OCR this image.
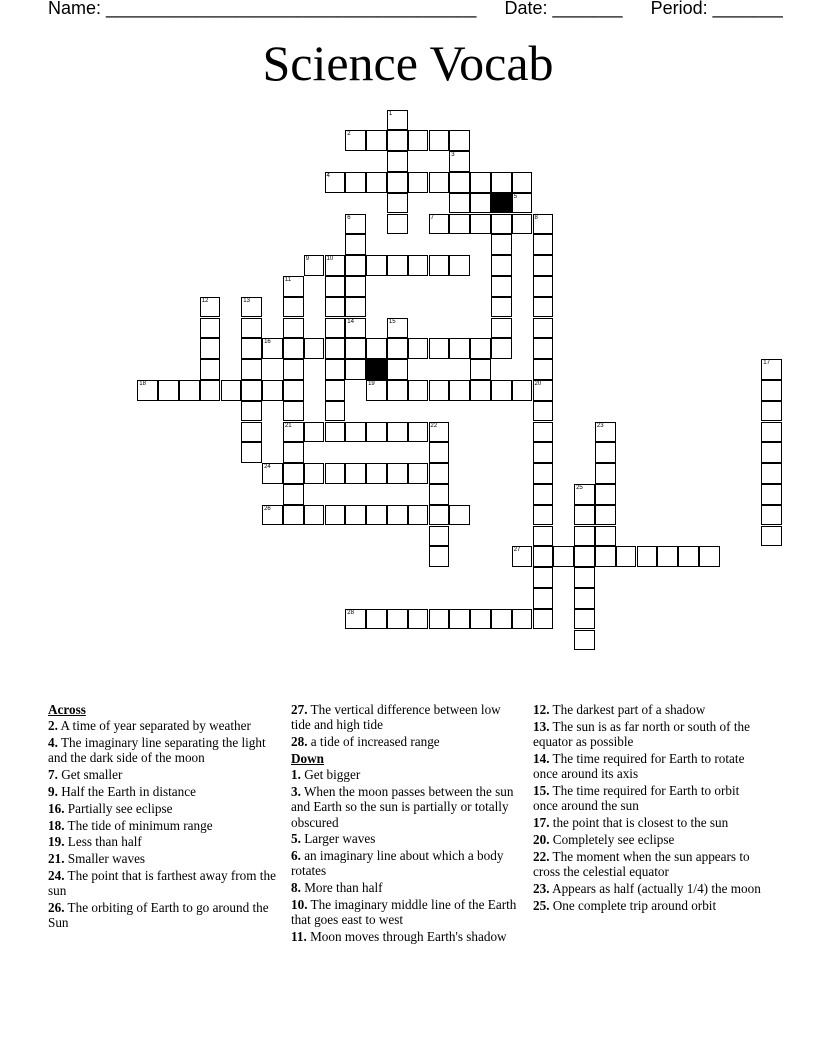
Name: _____________________________________ Date: _______ Period: _______
Science Vocab
1
2
3
4
6	7	8
9	10
11
21
12	13
14	15
16
17
18	19	20
22	23
24
25
26
27
28
5
Across
2. A time of year separated by weather
4. The imaginary line separating the light and the dark side of the moon
7. Get smaller
9. Half the Earth in distance
16. Partially see eclipse
18. The tide of minimum range
19. Less than half
21. Smaller waves
24. The point that is farthest away from the sun
26. The orbiting of Earth to go around the Sun
27. The vertical difference between low tide and high tide
28. a tide of increased range
Down
1. Get bigger
3. When the moon passes between the sun and Earth so the sun is partially or totally obscured
5. Larger waves
6. an imaginary line about which a body rotates
8. More than half
10. The imaginary middle line of the Earth that goes east to west
11. Moon moves through Earth's shadow
12. The darkest part of a shadow
13. The sun is as far north or south of the equator as possible
14. The time required for Earth to rotate once around its axis
15. The time required for Earth to orbit once around the sun
17. the point that is closest to the sun
20. Completely see eclipse
22. The moment when the sun appears to cross the celestial equator
23. Appears as half (actually 1/4) the moon
25. One complete trip around orbit
